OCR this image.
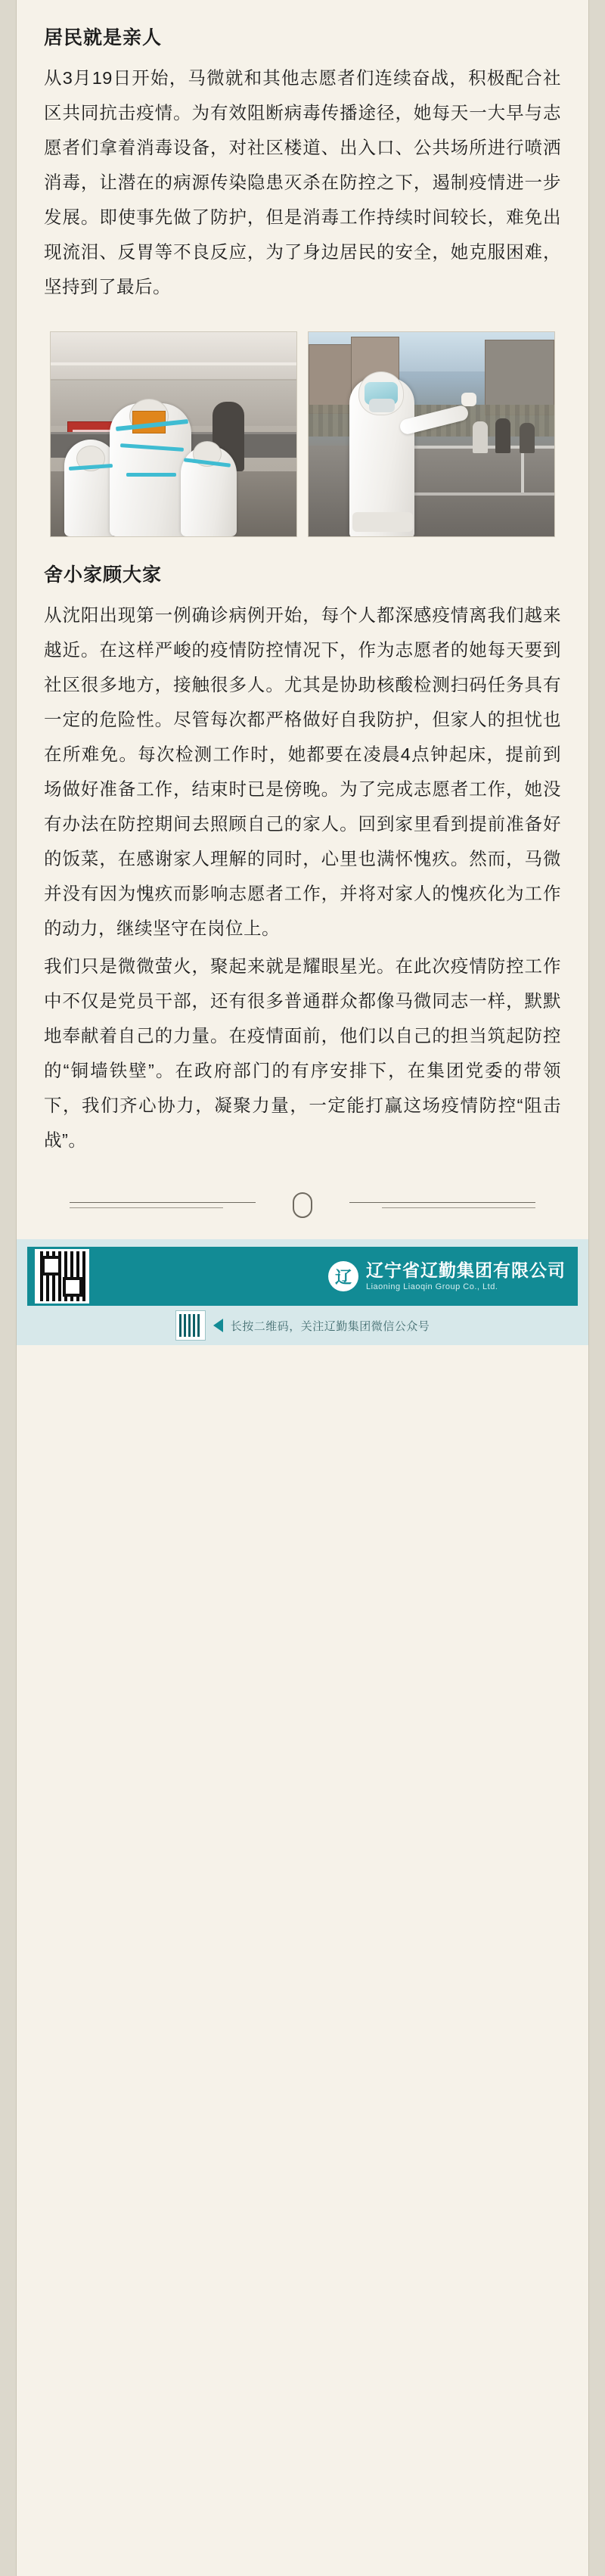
居民就是亲人

从3月19日开始，马微就和其他志愿者们连续奋战，积极配合社区共同抗击疫情。为有效阻断病毒传播途径，她每天一大早与志愿者们拿着消毒设备，对社区楼道、出入口、公共场所进行喷洒消毒，让潜在的病源传染隐患灭杀在防控之下，遏制疫情进一步发展。即使事先做了防护，但是消毒工作持续时间较长，难免出现流泪、反胃等不良反应，为了身边居民的安全，她克服困难，坚持到了最后。

舍小家顾大家

从沈阳出现第一例确诊病例开始，每个人都深感疫情离我们越来越近。在这样严峻的疫情防控情况下，作为志愿者的她每天要到社区很多地方，接触很多人。尤其是协助核酸检测扫码任务具有一定的危险性。尽管每次都严格做好自我防护，但家人的担忧也在所难免。每次检测工作时，她都要在凌晨4点钟起床，提前到场做好准备工作，结束时已是傍晚。为了完成志愿者工作，她没有办法在防控期间去照顾自己的家人。回到家里看到提前准备好的饭菜，在感谢家人理解的同时，心里也满怀愧疚。然而，马微并没有因为愧疚而影响志愿者工作，并将对家人的愧疚化为工作的动力，继续坚守在岗位上。

我们只是微微萤火，聚起来就是耀眼星光。在此次疫情防控工作中不仅是党员干部，还有很多普通群众都像马微同志一样，默默地奉献着自己的力量。在疫情面前，他们以自己的担当筑起防控的“铜墙铁壁”。在政府部门的有序安排下，在集团党委的带领下，我们齐心协力，凝聚力量，一定能打赢这场疫情防控“阻击战”。

辽
辽宁省辽勤集团有限公司
Liaoning Liaoqin Group Co., Ltd.
长按二维码，关注辽勤集团微信公众号
